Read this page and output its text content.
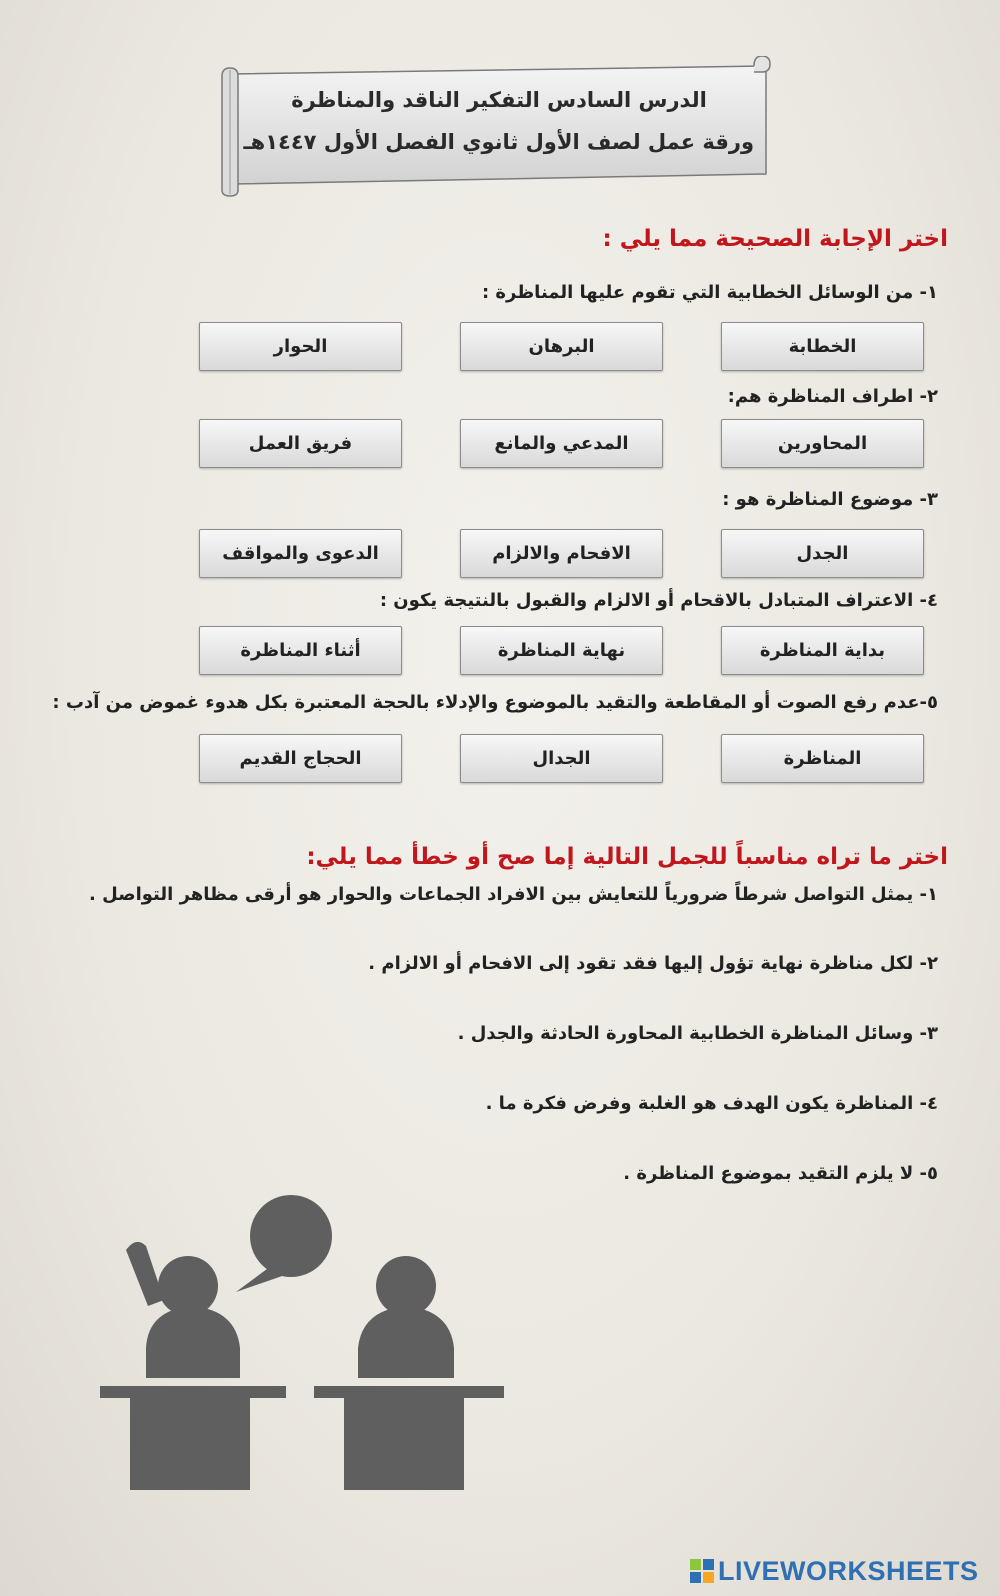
الدرس السادس التفكير الناقد والمناظرة
ورقة عمل لصف الأول ثانوي الفصل الأول ١٤٤٧هـ
اختر الإجابة الصحيحة مما يلي :
١- من الوسائل الخطابية التي تقوم عليها المناظرة :
الخطابة
البرهان
الحوار
٢- اطراف المناظرة هم:
المحاورين
المدعي والمانع
فريق العمل
٣- موضوع المناظرة هو :
الجدل
الافحام والالزام
الدعوى والمواقف
٤- الاعتراف المتبادل بالاقحام أو الالزام والقبول بالنتيجة يكون :
بداية المناظرة
نهاية المناظرة
أثناء المناظرة
٥-عدم رفع الصوت أو المقاطعة والتقيد بالموضوع والإدلاء بالحجة المعتبرة بكل هدوء غموض من آدب :
المناظرة
الجدال
الحجاج القديم
اختر ما تراه مناسباً للجمل التالية إما صح أو خطأ مما يلي:
١- يمثل التواصل شرطاً ضرورياً للتعايش بين الافراد الجماعات والحوار هو أرقى مظاهر التواصل .
٢- لكل مناظرة نهاية تؤول إليها فقد تقود إلى الافحام أو الالزام .
٣- وسائل المناظرة الخطابية المحاورة الحادثة والجدل .
٤- المناظرة يكون الهدف هو الغلبة وفرض فكرة ما .
٥- لا يلزم التقيد بموضوع المناظرة .
LIVEWORKSHEETS
